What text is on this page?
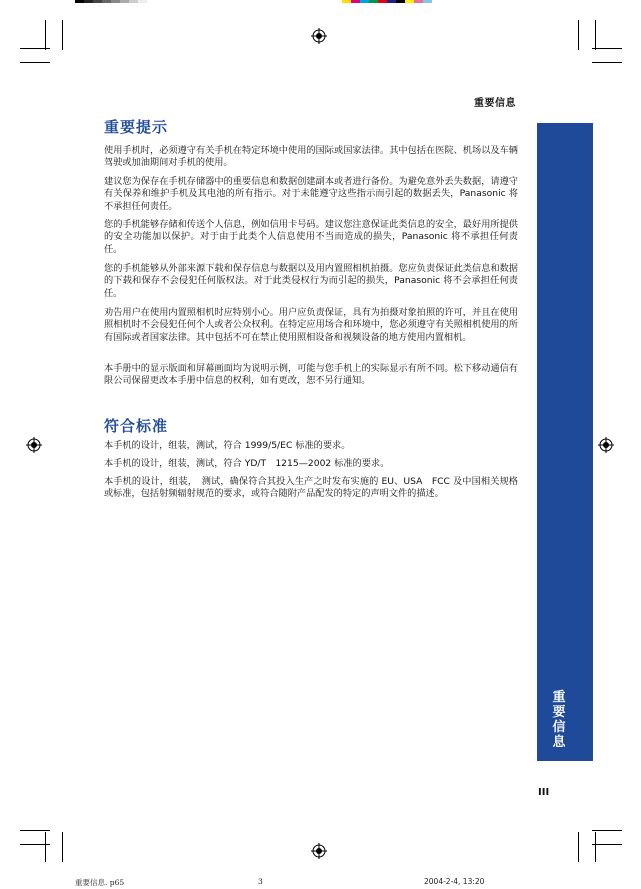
重要信息
重要信息
重要提示
使用手机时，必须遵守有关手机在特定环境中使用的国际或国家法律。其中包括在医院、机场以及车辆驾驶或加油期间对手机的使用。
建议您为保存在手机存储器中的重要信息和数据创建副本或者进行备份。为避免意外丢失数据，请遵守有关保养和维护手机及其电池的所有指示。对于未能遵守这些指示而引起的数据丢失，Panasonic 将不承担任何责任。
您的手机能够存储和传送个人信息，例如信用卡号码。建议您注意保证此类信息的安全，最好用所提供的安全功能加以保护。对于由于此类个人信息使用不当而造成的损失，Panasonic 将不承担任何责任。
您的手机能够从外部来源下载和保存信息与数据以及用内置照相机拍摄。您应负责保证此类信息和数据的下载和保存不会侵犯任何版权法。对于此类侵权行为而引起的损失，Panasonic 将不会承担任何责任。
劝告用户在使用内置照相机时应特别小心。用户应负责保证，具有为拍摄对象拍照的许可，并且在使用照相机时不会侵犯任何个人或者公众权利。在特定应用场合和环境中，您必须遵守有关照相机使用的所有国际或者国家法律。其中包括不可在禁止使用照相设备和视频设备的地方使用内置相机。
本手册中的显示版面和屏幕画面均为说明示例，可能与您手机上的实际显示有所不同。松下移动通信有限公司保留更改本手册中信息的权利，如有更改，恕不另行通知。
符合标准
本手机的设计，组装，测试，符合 1999/5/EC 标准的要求。
本手机的设计，组装，测试，符合 YD/T　1215—2002 标准的要求。
本手机的设计，组装，　测试，确保符合其投入生产之时发布实施的 EU、USA　FCC 及中国相关规格或标准，包括射频辐射规范的要求，或符合随附产品配发的特定的声明文件的描述。
III
重要信息. p65	3	2004-2-4, 13:20
